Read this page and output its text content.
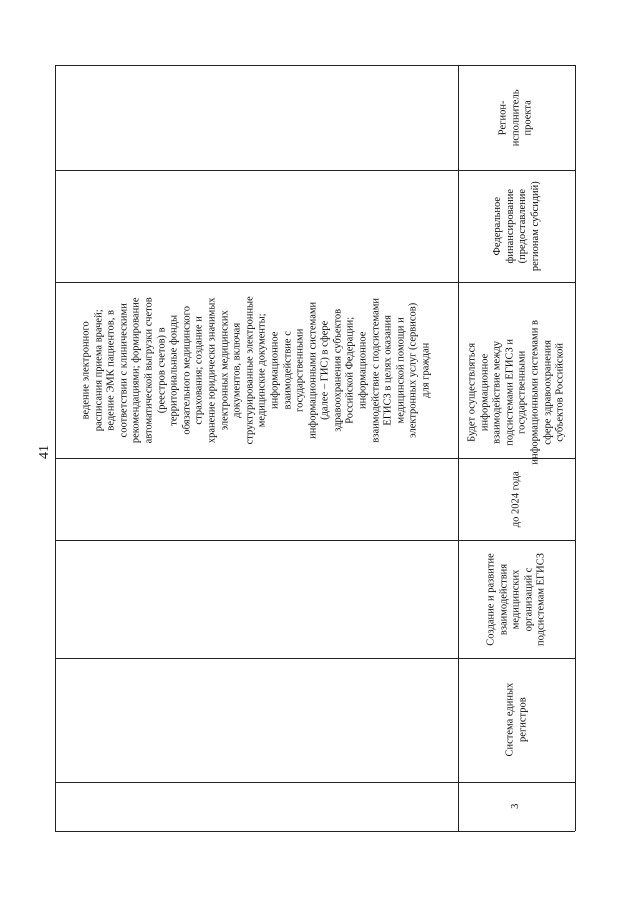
41
ведение электронного
расписания приема врачей;
ведение ЭМК пациентов, в
соответствии с клиническими
рекомендациями; формирование
автоматической выгрузки счетов
(реестров счетов) в
территориальные фонды
обязательного медицинского
страхования; создание и
хранение юридически значимых
электронных медицинских
документов, включая
структурированные электронные
медицинские документы;
информационное
взаимодействие с
государственными
информационными системами
(далее – ГИС) в сфере
здравоохранения субъектов
Российской Федерации;
информационное
взаимодействие с подсистемами
ЕГИСЗ в целях оказания
медицинской помощи и
электронных услуг (сервисов)
для граждан
3
Система единых
регистров
Создание и развитие
взаимодействия
медицинских
организаций с
подсистемам ЕГИСЗ
до 2024 года
Будет осуществляться
информационное
взаимодействие между
подсистемами ЕГИСЗ и
государственными
информационными системами в
сфере здравоохранения
субъектов Российской
Федеральное
финансирование
(предоставление
регионам субсидий)
Регион-
исполнитель
проекта
